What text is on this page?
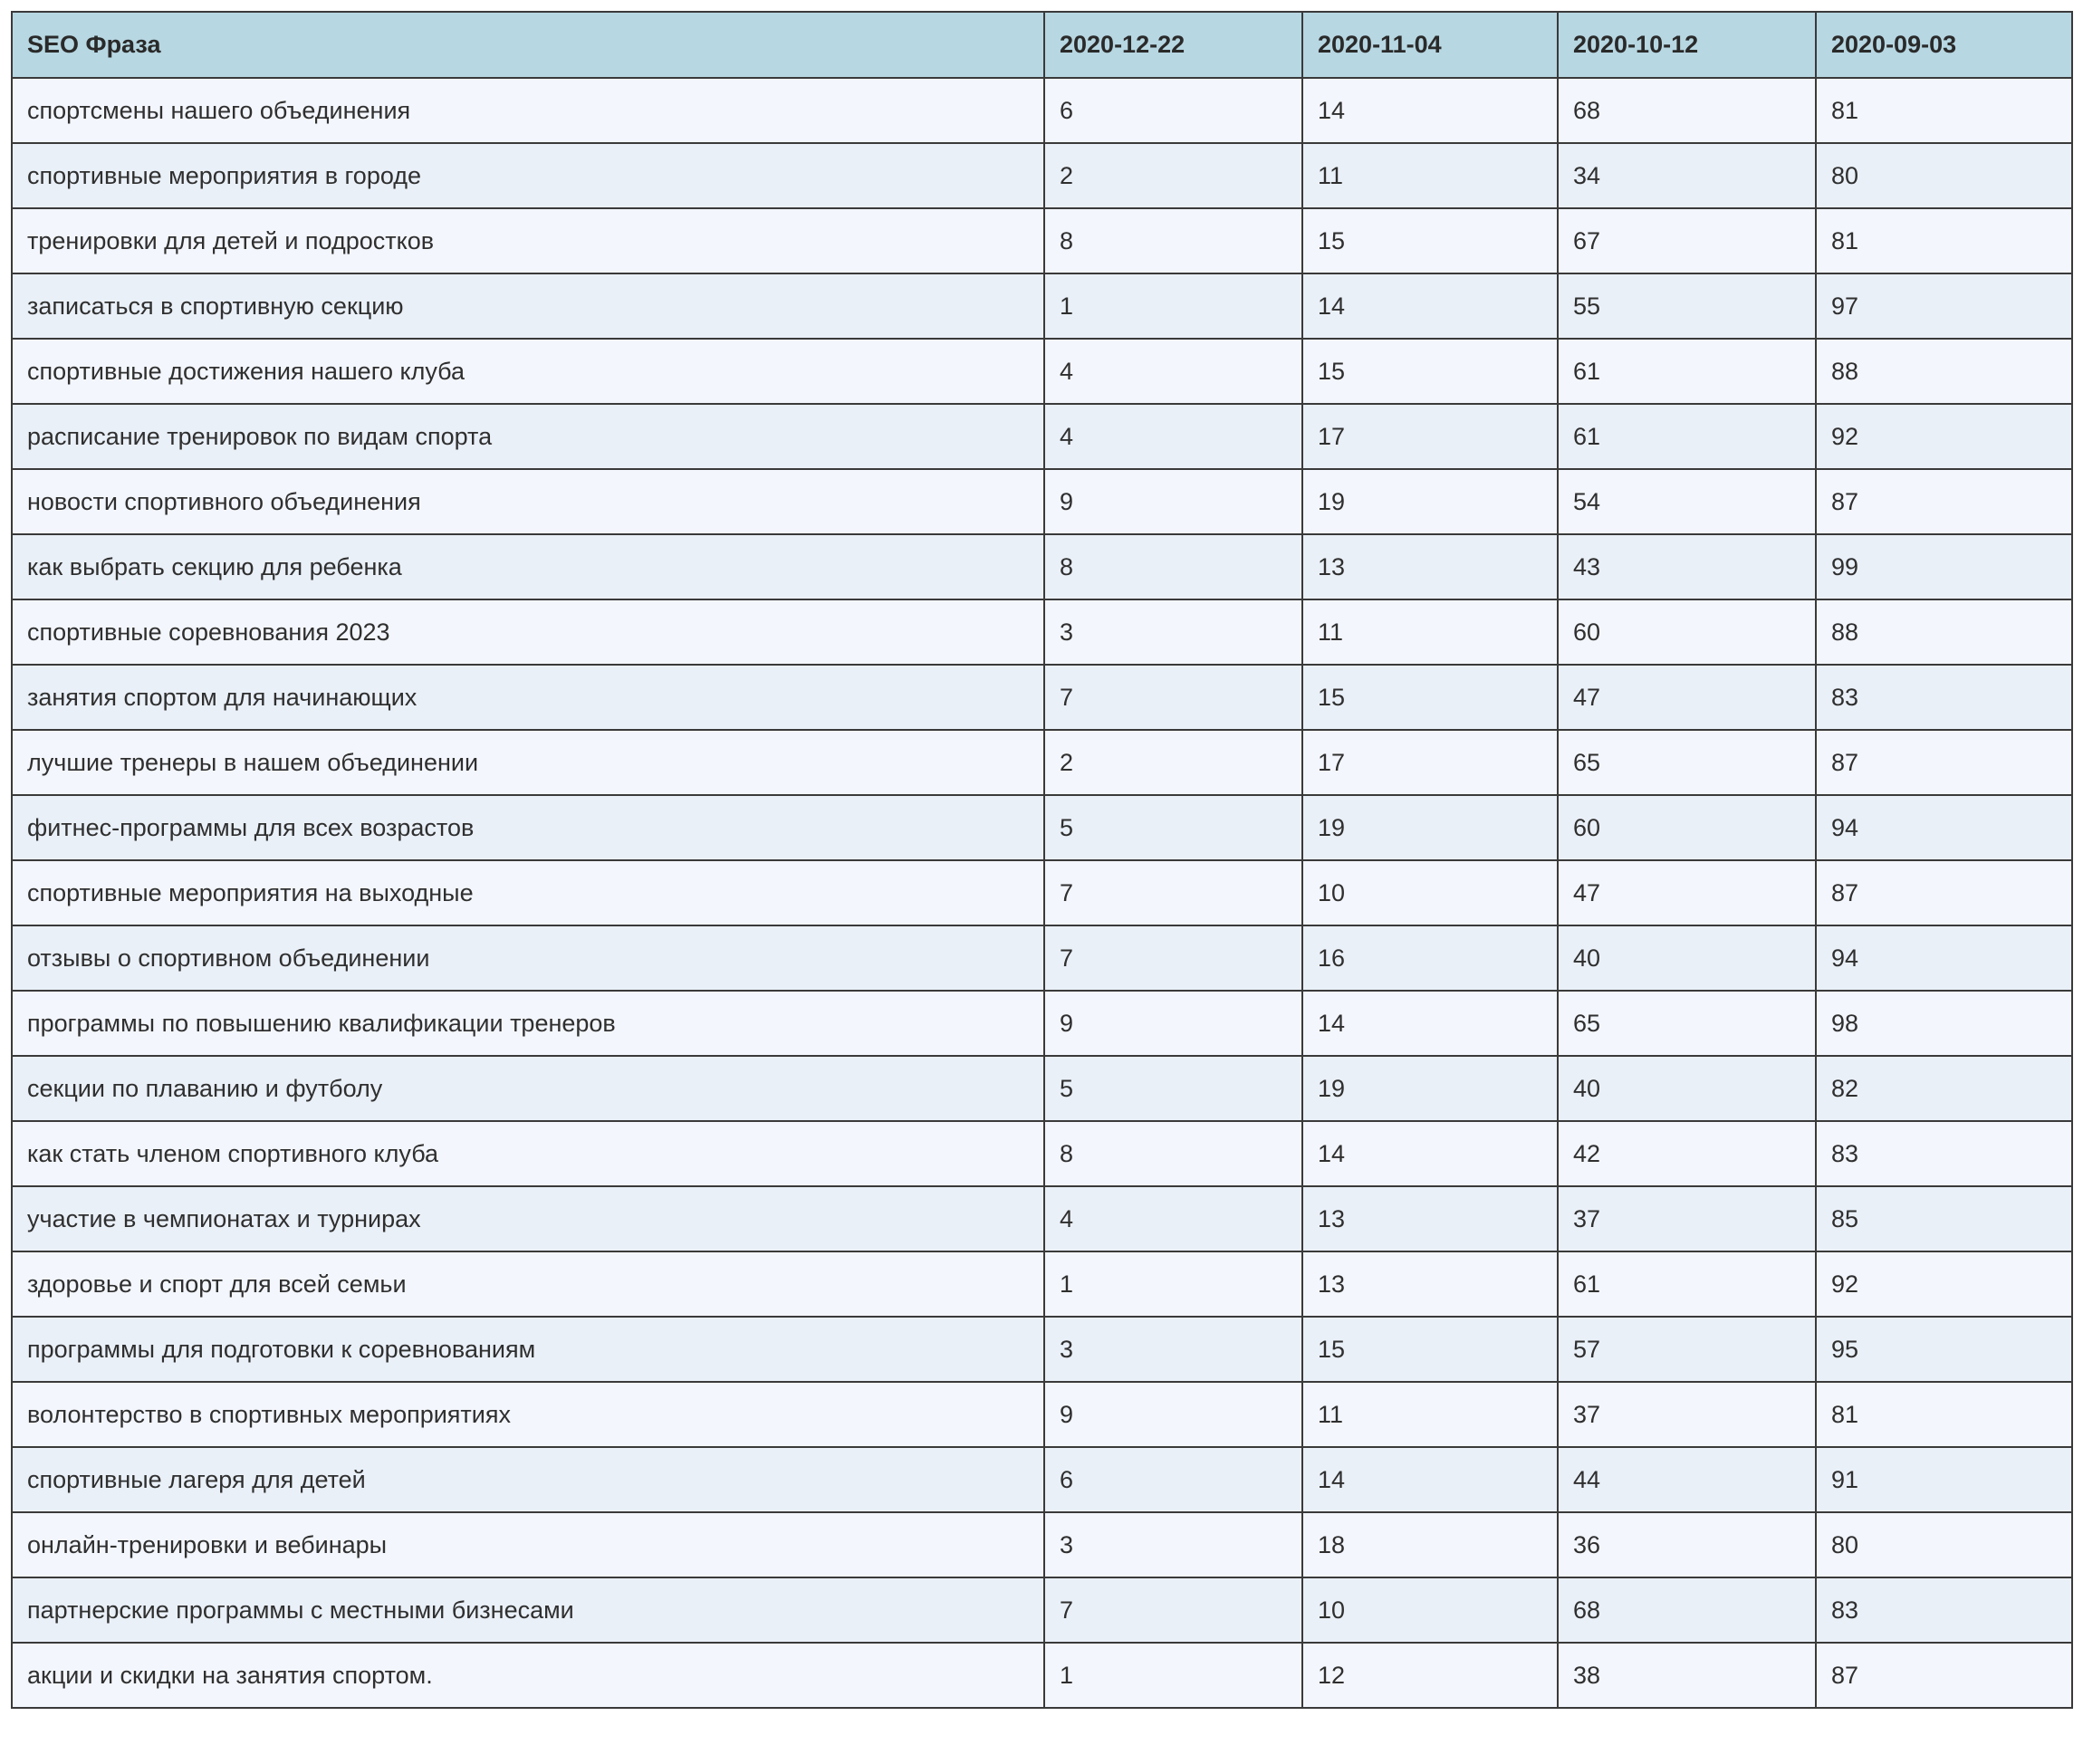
SEO Фраза	2020-12-22	2020-11-04	2020-10-12	2020-09-03
спортсмены нашего объединения	6	14	68	81
спортивные мероприятия в городе	2	11	34	80
тренировки для детей и подростков	8	15	67	81
записаться в спортивную секцию	1	14	55	97
спортивные достижения нашего клуба	4	15	61	88
расписание тренировок по видам спорта	4	17	61	92
новости спортивного объединения	9	19	54	87
как выбрать секцию для ребенка	8	13	43	99
спортивные соревнования 2023	3	11	60	88
занятия спортом для начинающих	7	15	47	83
лучшие тренеры в нашем объединении	2	17	65	87
фитнес-программы для всех возрастов	5	19	60	94
спортивные мероприятия на выходные	7	10	47	87
отзывы о спортивном объединении	7	16	40	94
программы по повышению квалификации тренеров	9	14	65	98
секции по плаванию и футболу	5	19	40	82
как стать членом спортивного клуба	8	14	42	83
участие в чемпионатах и турнирах	4	13	37	85
здоровье и спорт для всей семьи	1	13	61	92
программы для подготовки к соревнованиям	3	15	57	95
волонтерство в спортивных мероприятиях	9	11	37	81
спортивные лагеря для детей	6	14	44	91
онлайн-тренировки и вебинары	3	18	36	80
партнерские программы с местными бизнесами	7	10	68	83
акции и скидки на занятия спортом.	1	12	38	87
